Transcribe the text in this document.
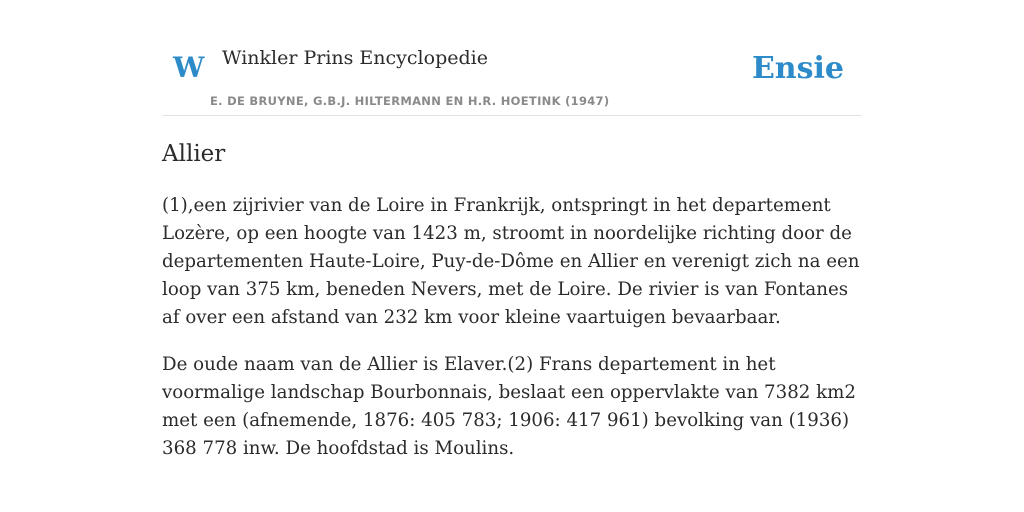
W Winkler Prins Encyclopedie
E. DE BRUYNE, G.B.J. HILTERMANN EN H.R. HOETINK (1947)
Ensie
Allier

(1),een zijrivier van de Loire in Frankrijk, ontspringt in het departement Lozère, op een hoogte van 1423 m, stroomt in noordelijke richting door de departementen Haute-Loire, Puy-de-Dôme en Allier en verenigt zich na een loop van 375 km, beneden Nevers, met de Loire. De rivier is van Fontanes af over een afstand van 232 km voor kleine vaartuigen bevaarbaar.

De oude naam van de Allier is Elaver.(2) Frans departement in het voormalige landschap Bourbonnais, beslaat een oppervlakte van 7382 km2 met een (afnemende, 1876: 405 783; 1906: 417 961) bevolking van (1936) 368 778 inw. De hoofdstad is Moulins.
